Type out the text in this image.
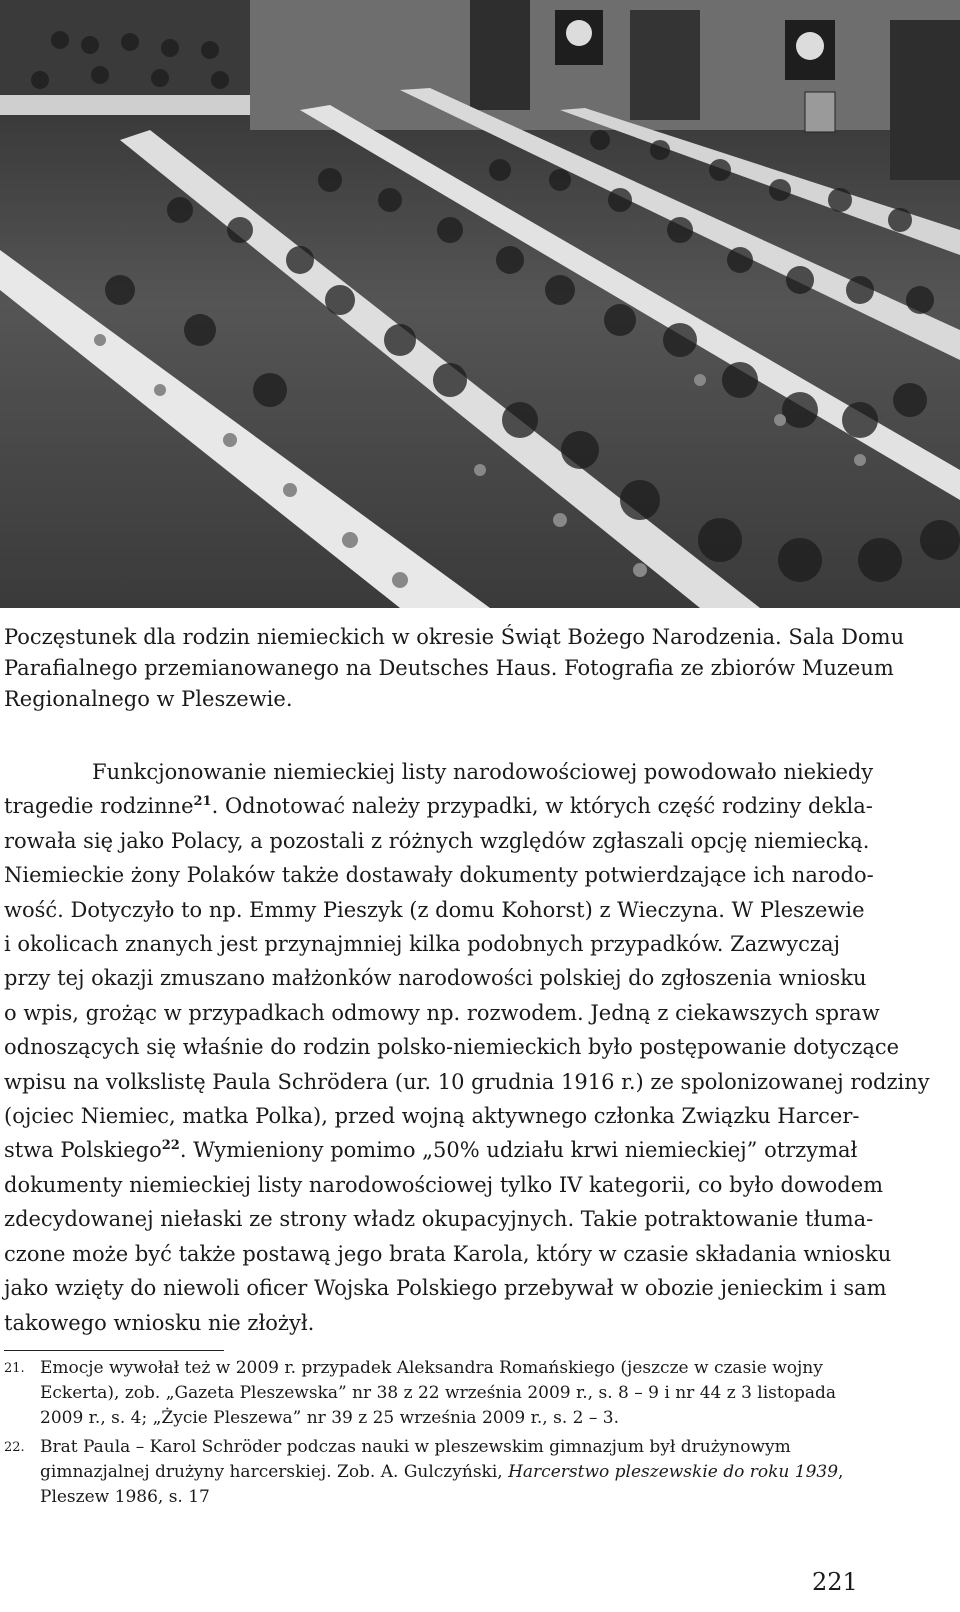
Poczęstunek dla rodzin niemieckich w okresie Świąt Bożego Narodzenia. Sala Domu
Parafialnego przemianowanego na Deutsches Haus. Fotografia ze zbiorów Muzeum
Regionalnego w Pleszewie.

Funkcjonowanie niemieckiej listy narodowościowej powodowało niekiedy
tragedie rodzinne$^{21}$. Odnotować należy przypadki, w których część rodziny dekla-
rowała się jako Polacy, a pozostali z różnych względów zgłaszali opcję niemiecką.
Niemieckie żony Polaków także dostawały dokumenty potwierdzające ich narodo-
wość. Dotyczyło to np. Emmy Pieszyk (z domu Kohorst) z Wieczyna. W Pleszewie
i okolicach znanych jest przynajmniej kilka podobnych przypadków. Zazwyczaj
przy tej okazji zmuszano małżonków narodowości polskiej do zgłoszenia wniosku
o wpis, grożąc w przypadkach odmowy np. rozwodem. Jedną z ciekawszych spraw
odnoszących się właśnie do rodzin polsko-niemieckich było postępowanie dotyczące
wpisu na volkslistę Paula Schrödera (ur. 10 grudnia 1916 r.) ze spolonizowanej rodziny
(ojciec Niemiec, matka Polka), przed wojną aktywnego członka Związku Harcer-
stwa Polskiego$^{22}$. Wymieniony pomimo „50% udziału krwi niemieckiej” otrzymał
dokumenty niemieckiej listy narodowościowej tylko IV kategorii, co było dowodem
zdecydowanej niełaski ze strony władz okupacyjnych. Takie potraktowanie tłuma-
czone może być także postawą jego brata Karola, który w czasie składania wniosku
jako wzięty do niewoli oficer Wojska Polskiego przebywał w obozie jenieckim i sam
takowego wniosku nie złożył.
21. Emocje wywołał też w 2009 r. przypadek Aleksandra Romańskiego (jeszcze w czasie wojny
Eckerta), zob. „Gazeta Pleszewska” nr 38 z 22 września 2009 r., s. 8 – 9 i nr 44 z 3 listopada
2009 r., s. 4; „Życie Pleszewa” nr 39 z 25 września 2009 r., s. 2 – 3.
22. Brat Paula – Karol Schröder podczas nauki w pleszewskim gimnazjum był drużynowym
gimnazjalnej drużyny harcerskiej. Zob. A. Gulczyński, Harcerstwo pleszewskie do roku 1939,
Pleszew 1986, s. 17
221
